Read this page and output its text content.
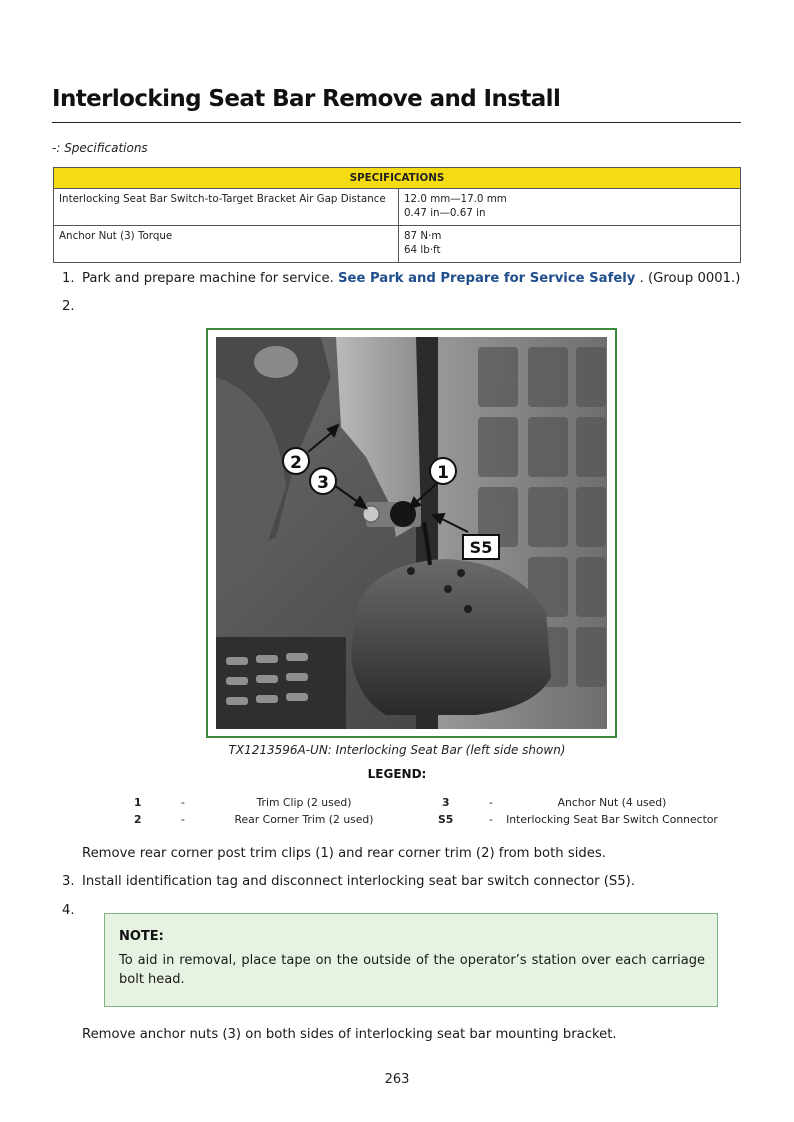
Interlocking Seat Bar Remove and Install
-: Specifications
SPECIFICATIONS	
Interlocking Seat Bar Switch-to-Target Bracket Air Gap Distance	12.0 mm—17.0 mm
0.47 in—0.67 in

Anchor Nut (3) Torque	87 N·m
64 lb·ft
1. Park and prepare machine for service. See Park and Prepare for Service Safely . (Group 0001.)
2.
2
3	1
S5
TX1213596A-UN: Interlocking Seat Bar (left side shown)
LEGEND:
1	-	Trim Clip (2 used)	3	-	Anchor Nut (4 used)
2	-	Rear Corner Trim (2 used)	S5	- Interlocking Seat Bar Switch Connector
Remove rear corner post trim clips (1) and rear corner trim (2) from both sides.
3. Install identification tag and disconnect interlocking seat bar switch connector (S5).
4.
NOTE:
To aid in removal, place tape on the outside of the operator’s station over each carriage bolt head.
Remove anchor nuts (3) on both sides of interlocking seat bar mounting bracket.
263
